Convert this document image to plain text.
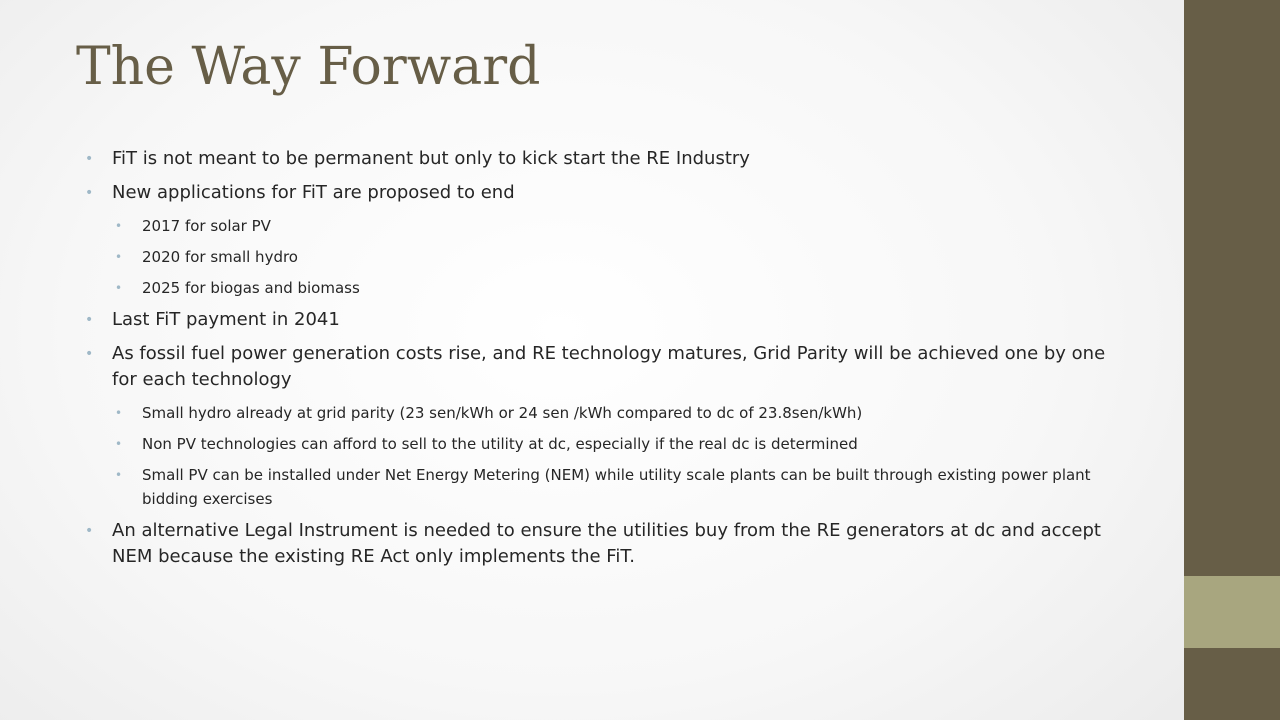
The Way Forward
• FiT is not meant to be permanent but only to kick start the RE Industry
• New applications for FiT are proposed to end
• 2017 for solar PV
• 2020 for small hydro
• 2025 for biogas and biomass
• Last FiT payment in 2041
• As fossil fuel power generation costs rise, and RE technology matures, Grid Parity will be achieved one by one for each technology
• Small hydro already at grid parity (23 sen/kWh or 24 sen /kWh compared to dc of 23.8sen/kWh)
• Non PV technologies can afford to sell to the utility at dc, especially if the real dc is determined
• Small PV can be installed under Net Energy Metering (NEM) while utility scale plants can be built through existing power plant bidding exercises
• An alternative Legal Instrument is needed to ensure the utilities buy from the RE generators at dc and accept NEM because the existing RE Act only implements the FiT.
